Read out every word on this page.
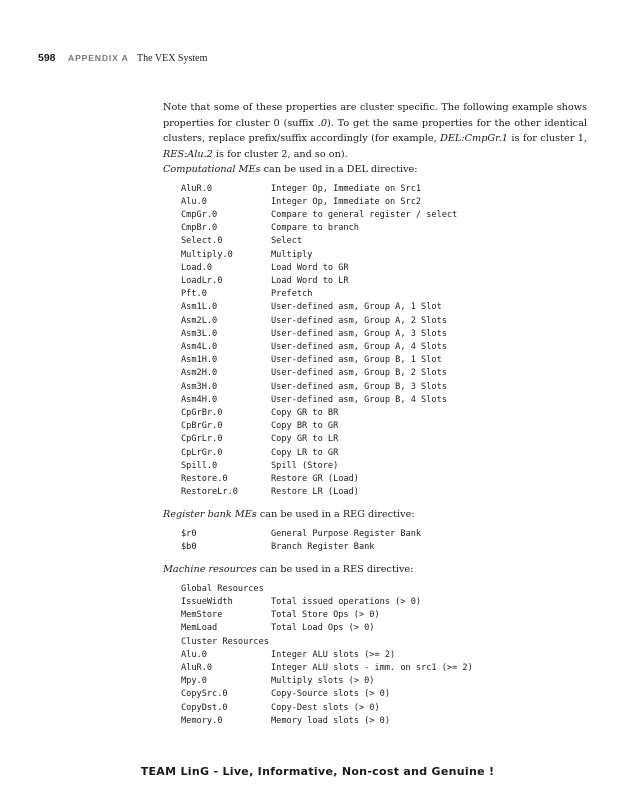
598 APPENDIX A The VEX System

Note that some of these properties are cluster specific. The following example shows properties for cluster 0 (suffix .0). To get the same properties for the other identical clusters, replace prefix/suffix accordingly (for example, DEL:CmpGr.1 is for cluster 1, RES:Alu.2 is for cluster 2, and so on).

Computational MEs can be used in a DEL directive:

AluR.0	Integer Op, Immediate on Src1
Alu.0	Integer Op, Immediate on Src2
CmpGr.0	Compare to general register / select
CmpBr.0	Compare to branch
Select.0	Select
Multiply.0	Multiply
Load.0	Load Word to GR
LoadLr.0	Load Word to LR
Pft.0	Prefetch
Asm1L.0	User-defined asm, Group A, 1 Slot
Asm2L.0	User-defined asm, Group A, 2 Slots
Asm3L.0	User-defined asm, Group A, 3 Slots
Asm4L.0	User-defined asm, Group A, 4 Slots
Asm1H.0	User-defined asm, Group B, 1 Slot
Asm2H.0	User-defined asm, Group B, 2 Slots
Asm3H.0	User-defined asm, Group B, 3 Slots
Asm4H.0	User-defined asm, Group B, 4 Slots
CpGrBr.0	Copy GR to BR
CpBrGr.0	Copy BR to GR
CpGrLr.0	Copy GR to LR
CpLrGr.0	Copy LR to GR
Spill.0	Spill (Store)
Restore.0	Restore GR (Load)
RestoreLr.0	Restore LR (Load)

Register bank MEs can be used in a REG directive:

$r0	General Purpose Register Bank
$b0	Branch Register Bank

Machine resources can be used in a RES directive:

Global Resources
IssueWidth	Total issued operations (> 0)
MemStore	Total Store Ops (> 0)
MemLoad	Total Load Ops (> 0)
Cluster Resources
Alu.0	Integer ALU slots (>= 2)
AluR.0	Integer ALU slots - imm. on src1 (>= 2)
Mpy.0	Multiply slots (> 0)
CopySrc.0	Copy-Source slots (> 0)
CopyDst.0	Copy-Dest slots (> 0)
Memory.0	Memory load slots (> 0)
TEAM LinG - Live, Informative, Non-cost and Genuine !
